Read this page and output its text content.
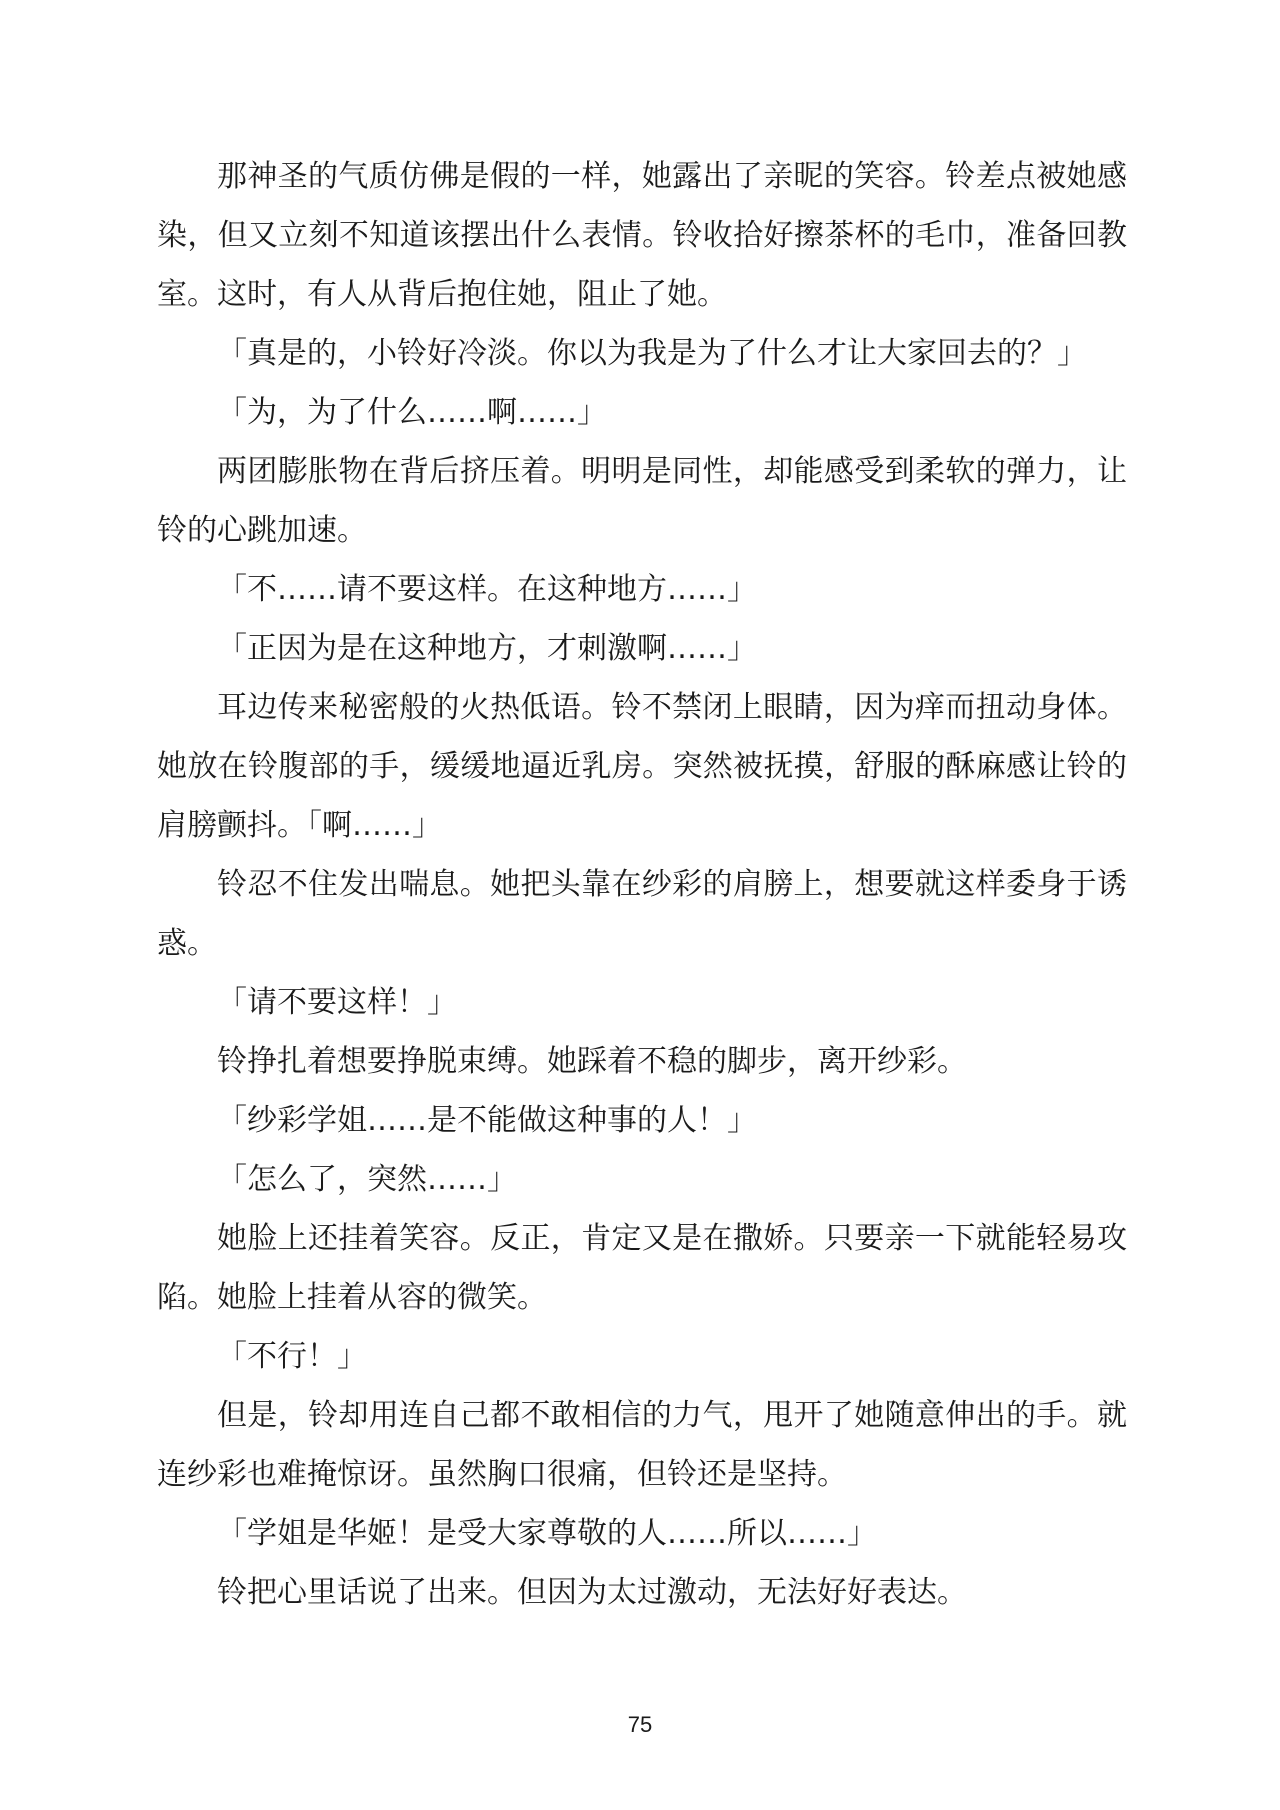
那神圣的气质仿佛是假的一样，她露出了亲昵的笑容。铃差点被她感染，但又立刻不知道该摆出什么表情。铃收拾好擦茶杯的毛巾，准备回教室。这时，有人从背后抱住她，阻止了她。

「真是的，小铃好冷淡。你以为我是为了什么才让大家回去的？」

「为，为了什么……啊……」

两团膨胀物在背后挤压着。明明是同性，却能感受到柔软的弹力，让铃的心跳加速。

「不……请不要这样。在这种地方……」

「正因为是在这种地方，才刺激啊……」

耳边传来秘密般的火热低语。铃不禁闭上眼睛，因为痒而扭动身体。她放在铃腹部的手，缓缓地逼近乳房。突然被抚摸，舒服的酥麻感让铃的肩膀颤抖。「啊……」

铃忍不住发出喘息。她把头靠在纱彩的肩膀上，想要就这样委身于诱惑。

「请不要这样！」

铃挣扎着想要挣脱束缚。她踩着不稳的脚步，离开纱彩。

「纱彩学姐……是不能做这种事的人！」

「怎么了，突然……」

她脸上还挂着笑容。反正，肯定又是在撒娇。只要亲一下就能轻易攻陷。她脸上挂着从容的微笑。

「不行！」

但是，铃却用连自己都不敢相信的力气，甩开了她随意伸出的手。就连纱彩也难掩惊讶。虽然胸口很痛，但铃还是坚持。

「学姐是华姬！是受大家尊敬的人……所以……」

铃把心里话说了出来。但因为太过激动，无法好好表达。

75
